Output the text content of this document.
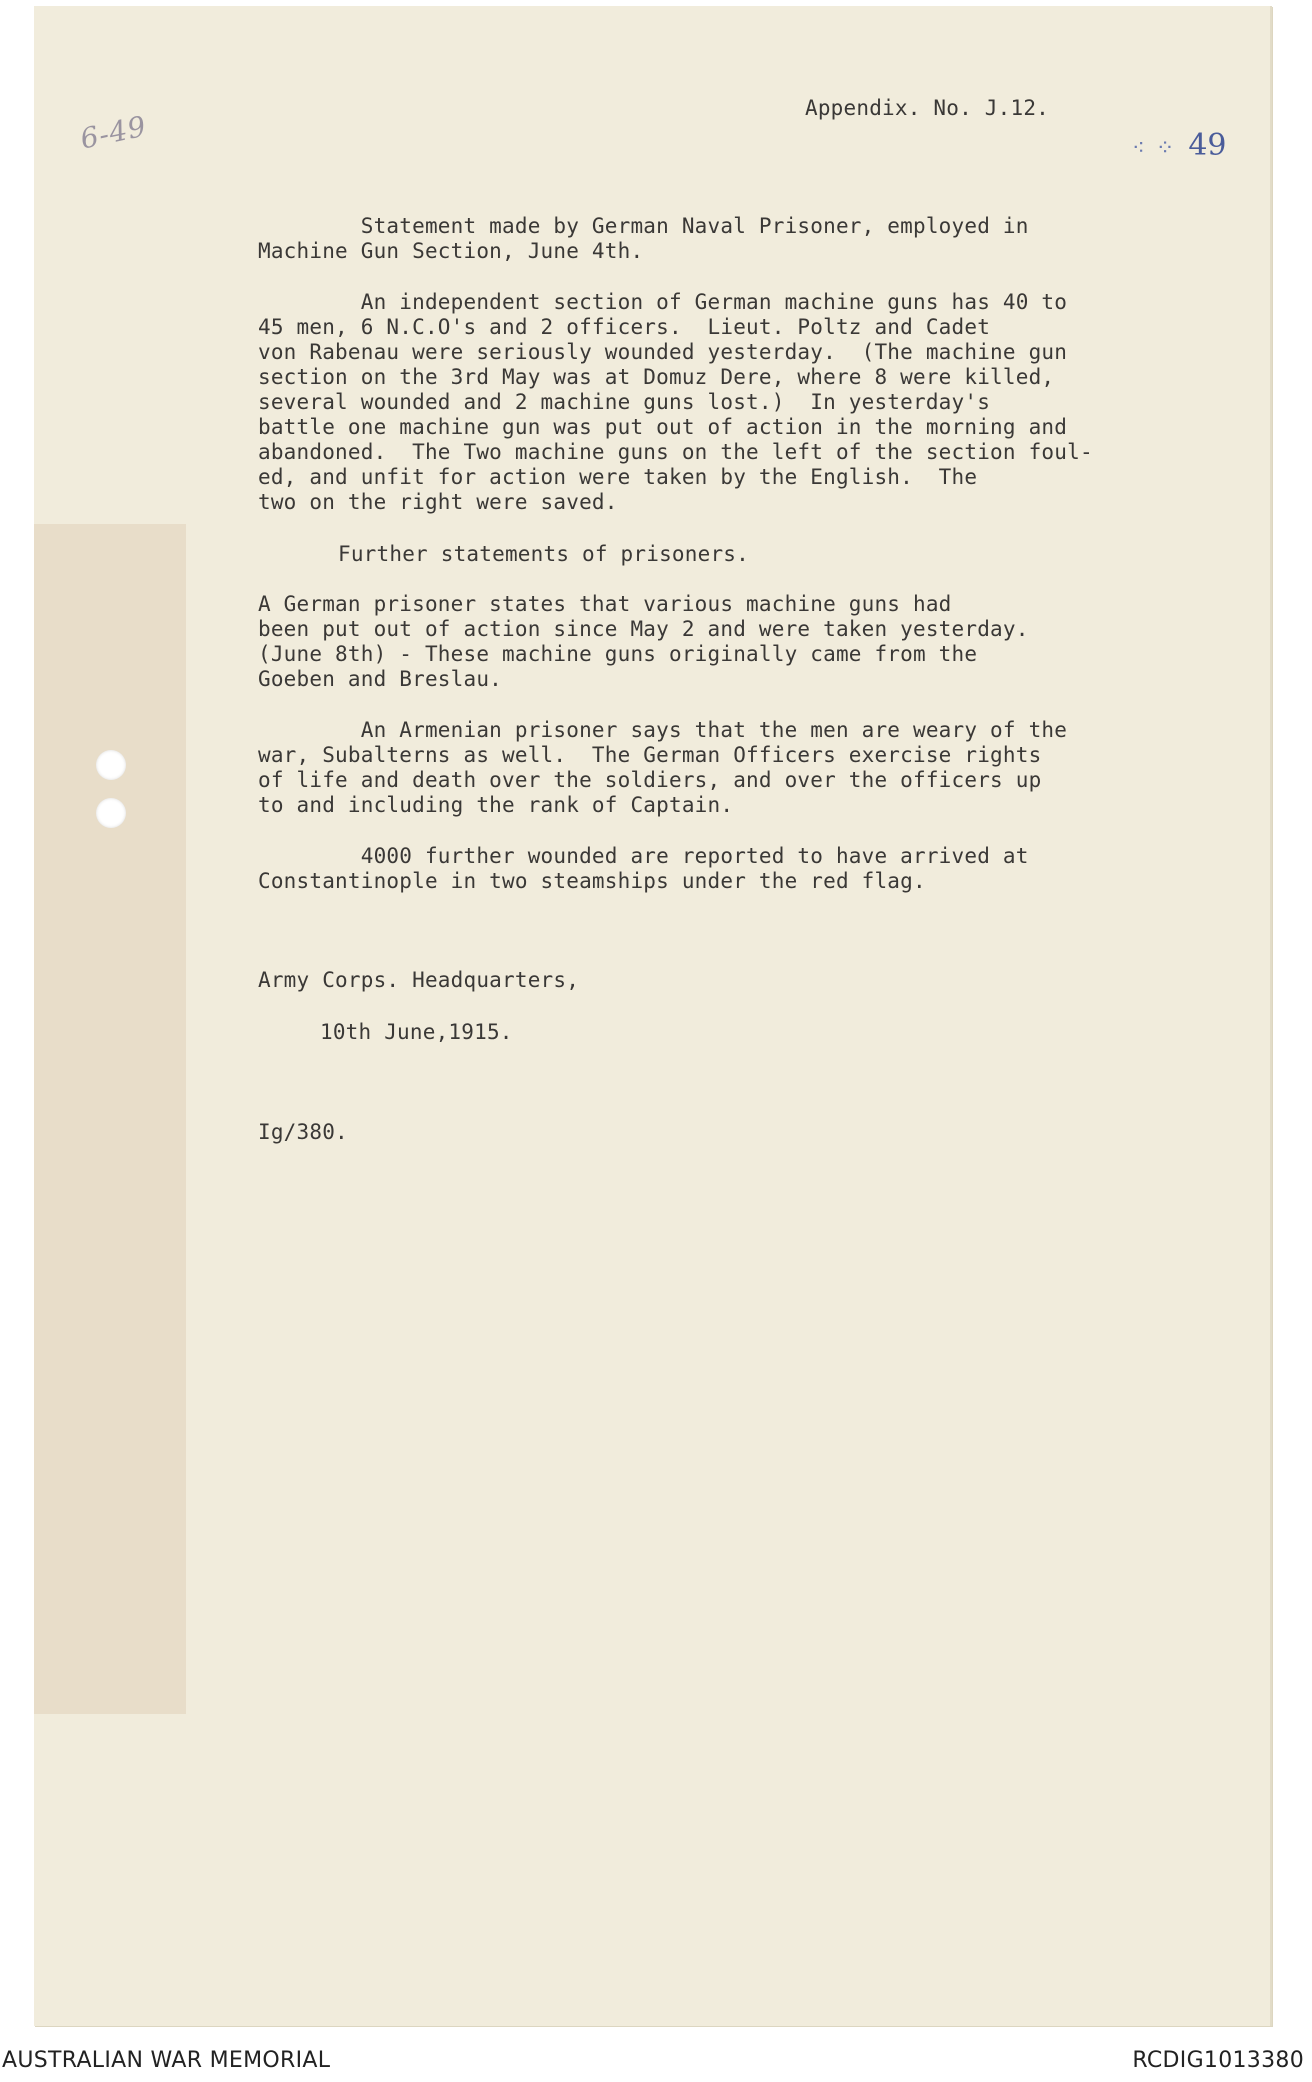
6-49	⁖ ⁘ 49
Appendix. No. J.12.
Statement made by German Naval Prisoner, employed in
Machine Gun Section, June 4th.
An independent section of German machine guns has 40 to
45 men, 6 N.C.O's and 2 officers.  Lieut. Poltz and Cadet
von Rabenau were seriously wounded yesterday.  (The machine gun
section on the 3rd May was at Domuz Dere, where 8 were killed,
several wounded and 2 machine guns lost.)  In yesterday's
battle one machine gun was put out of action in the morning and
abandoned.  The Two machine guns on the left of the section foul-
ed, and unfit for action were taken by the English.  The
two on the right were saved.
Further statements of prisoners.
A German prisoner states that various machine guns had
been put out of action since May 2 and were taken yesterday.
(June 8th) - These machine guns originally came from the
Goeben and Breslau.
An Armenian prisoner says that the men are weary of the
war, Subalterns as well.  The German Officers exercise rights
of life and death over the soldiers, and over the officers up
to and including the rank of Captain.
4000 further wounded are reported to have arrived at
Constantinople in two steamships under the red flag.
Army Corps. Headquarters,
10th June,1915.
Ig/380.
AUSTRALIAN WAR MEMORIAL	RCDIG1013380
